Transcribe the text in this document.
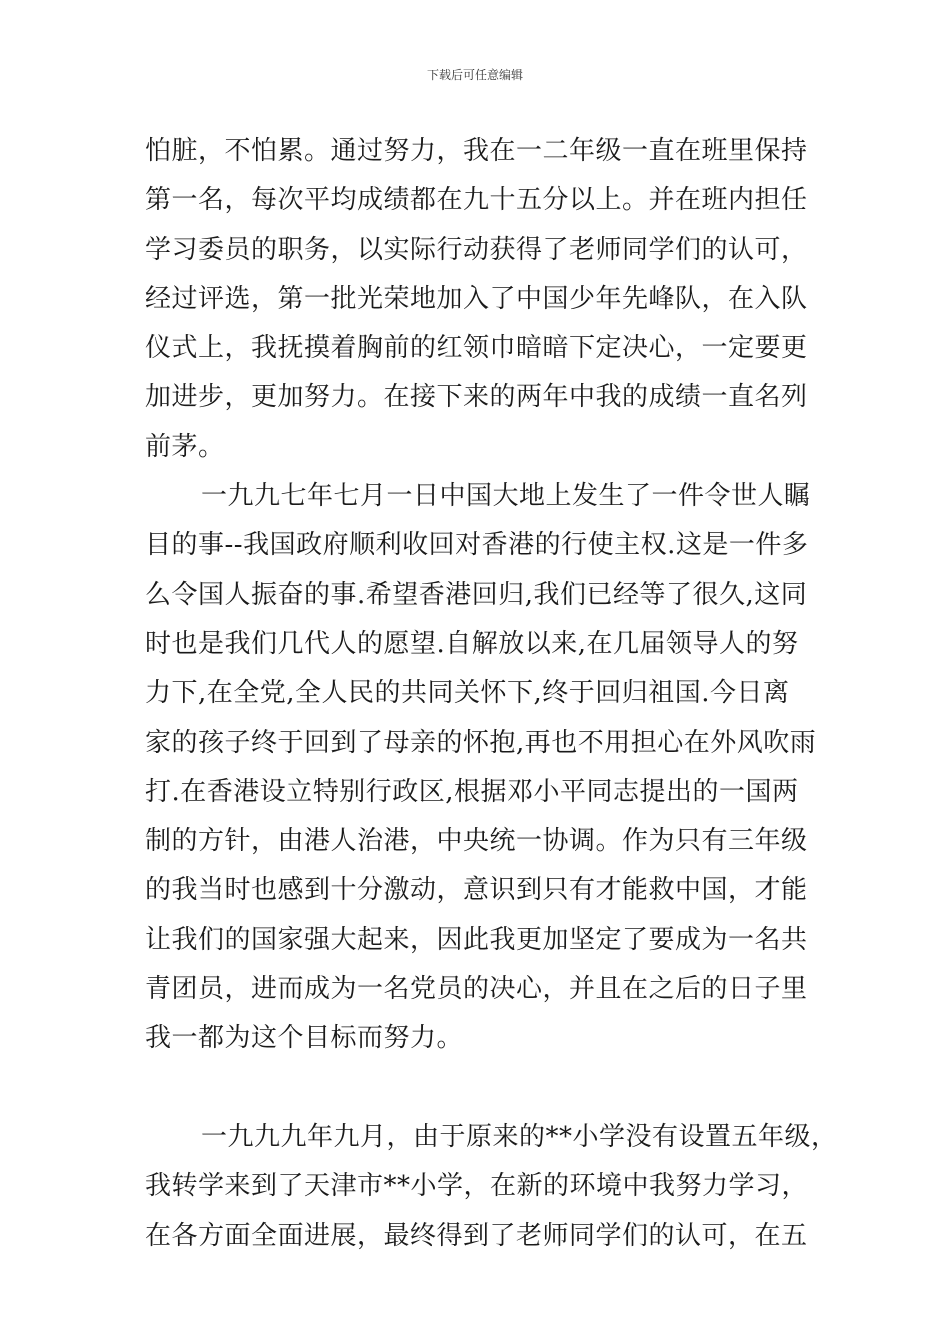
下载后可任意编辑
怕脏，不怕累。通过努力，我在一二年级一直在班里保持
第一名，每次平均成绩都在九十五分以上。并在班内担任
学习委员的职务，以实际行动获得了老师同学们的认可，
经过评选，第一批光荣地加入了中国少年先峰队，在入队
仪式上，我抚摸着胸前的红领巾暗暗下定决心，一定要更
加进步，更加努力。在接下来的两年中我的成绩一直名列
前茅。
一九九七年七月一日中国大地上发生了一件令世人瞩
目的事--我国政府顺利收回对香港的行使主权.这是一件多
么令国人振奋的事.希望香港回归,我们已经等了很久,这同
时也是我们几代人的愿望.自解放以来,在几届领导人的努
力下,在全党,全人民的共同关怀下,终于回归祖国.今日离
家的孩子终于回到了母亲的怀抱,再也不用担心在外风吹雨
打.在香港设立特别行政区,根据邓小平同志提出的一国两
制的方针，由港人治港，中央统一协调。作为只有三年级
的我当时也感到十分激动，意识到只有才能救中国，才能
让我们的国家强大起来，因此我更加坚定了要成为一名共
青团员，进而成为一名党员的决心，并且在之后的日子里
我一都为这个目标而努力。
一九九九年九月，由于原来的**小学没有设置五年级，
我转学来到了天津市**小学，在新的环境中我努力学习，
在各方面全面进展，最终得到了老师同学们的认可，在五
